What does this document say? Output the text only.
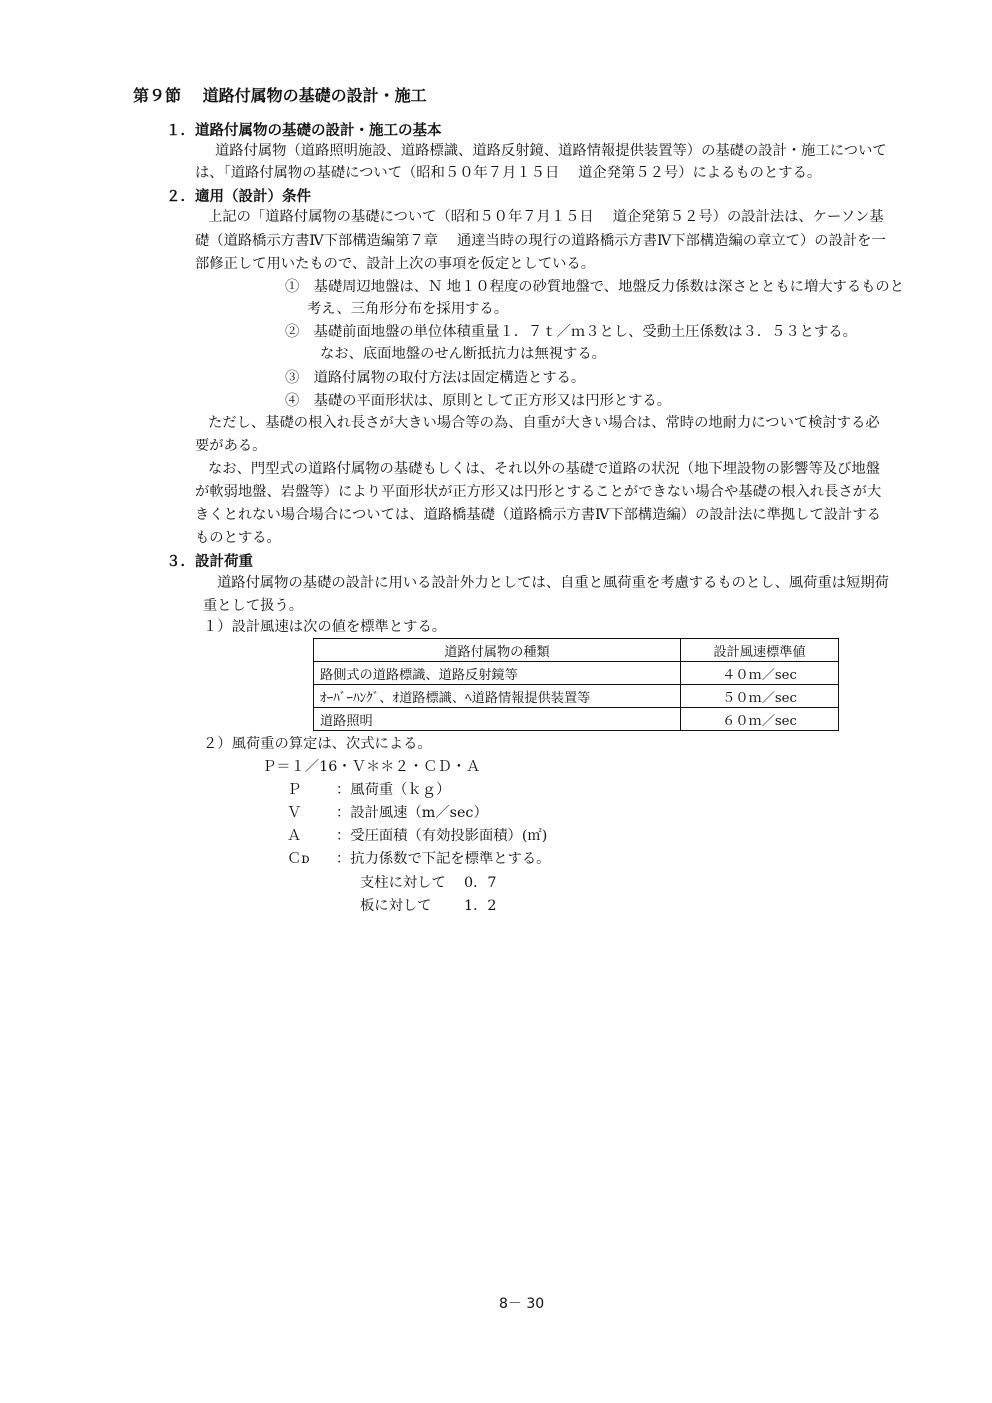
第９節　 道路付属物の基礎の設計・施工
１．道路付属物の基礎の設計・施工の基本
道路付属物（道路照明施設、道路標識、道路反射鏡、道路情報提供装置等）の基礎の設計・施工について
は、「道路付属物の基礎について（昭和５０年７月１５日　 道企発第５２号）によるものとする。
２．適用（設計）条件
上記の「道路付属物の基礎について（昭和５０年７月１５日　 道企発第５２号）の設計法は、ケーソン基
礎（道路橋示方書Ⅳ下部構造編第７章　 通達当時の現行の道路橋示方書Ⅳ下部構造編の章立て）の設計を一
部修正して用いたもので、設計上次の事項を仮定としている。
①　基礎周辺地盤は、Ｎ 地１０程度の砂質地盤で、地盤反力係数は深さとともに増大するものと
考え、三角形分布を採用する。
②　基礎前面地盤の単位体積重量１．７ｔ／ｍ３とし、受動土圧係数は３．５３とする。
なお、底面地盤のせん断抵抗力は無視する。
③　道路付属物の取付方法は固定構造とする。
④　基礎の平面形状は、原則として正方形又は円形とする。
ただし、基礎の根入れ長さが大きい場合等の為、自重が大きい場合は、常時の地耐力について検討する必
要がある。
なお、門型式の道路付属物の基礎もしくは、それ以外の基礎で道路の状況（地下埋設物の影響等及び地盤
が軟弱地盤、岩盤等）により平面形状が正方形又は円形とすることができない場合や基礎の根入れ長さが大
きくとれない場合場合については、道路橋基礎（道路橋示方書Ⅳ下部構造編）の設計法に準拠して設計する
ものとする。
３．設計荷重
道路付属物の基礎の設計に用いる設計外力としては、自重と風荷重を考慮するものとし、風荷重は短期荷
重として扱う。
１）設計風速は次の値を標準とする。
道路付属物の種類	設計風速標準値
路側式の道路標識、道路反射鏡等	４０ｍ／sec
ｵｰﾊﾞｰﾊﾝｸﾞ、ｵ道路標識、ﾍ道路情報提供装置等	５０ｍ／sec
道路照明	６０ｍ／sec
２）風荷重の算定は、次式による。
Ｐ＝１／16・Ｖ＊＊２・ＣＤ・Ａ
Ｐ ：風荷重（ｋｇ）
Ｖ ：設計風速（m／sec）
Ａ ：受圧面積（有効投影面積）(㎡)
Ｃᴅ ：抗力係数で下記を標準とする。
支柱に対して 0．7
板に対して 1．2
8－ 30
